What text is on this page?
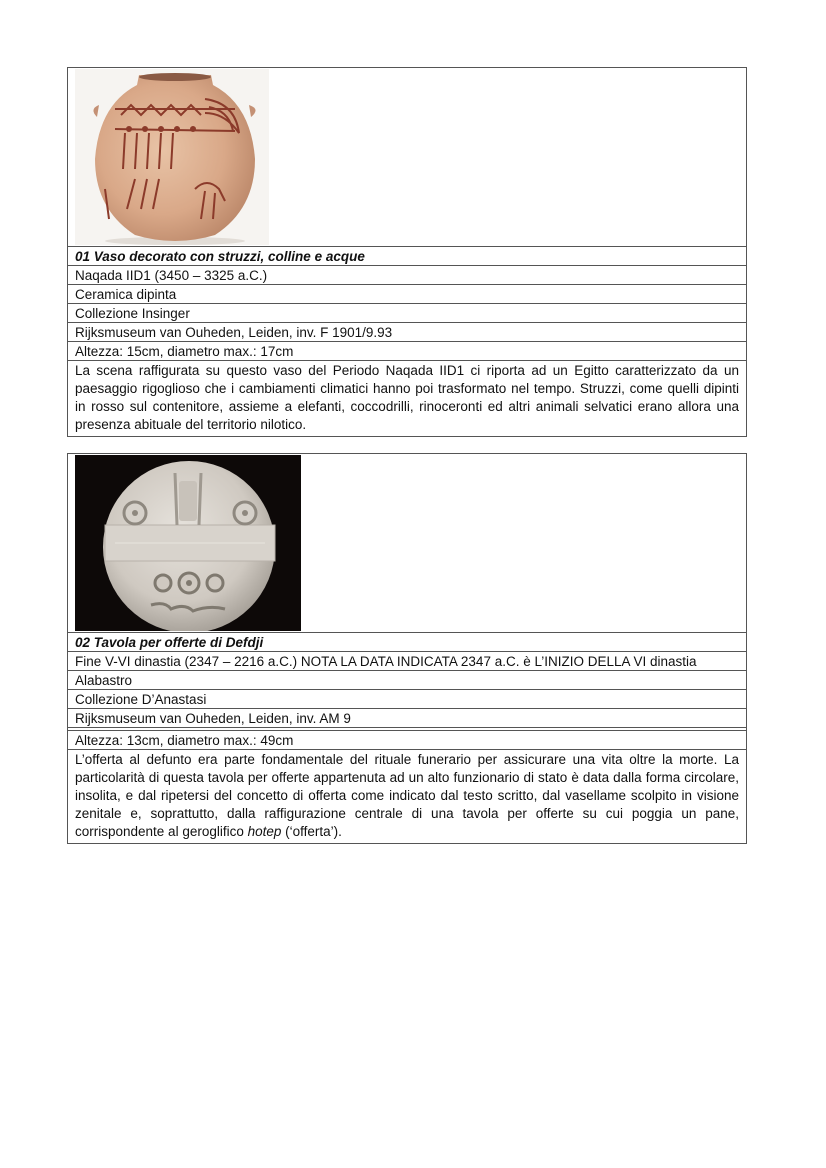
01 Vaso decorato con struzzi, colline e acque
Naqada IID1 (3450 – 3325 a.C.)
Ceramica dipinta
Collezione Insinger
Rijksmuseum van Ouheden, Leiden, inv. F 1901/9.93
Altezza: 15cm, diametro max.: 17cm
La scena raffigurata su questo vaso del Periodo Naqada IID1 ci riporta ad un Egitto caratterizzato da un paesaggio rigoglioso che i cambiamenti climatici hanno poi trasformato nel tempo. Struzzi, come quelli dipinti in rosso sul contenitore, assieme a elefanti, coccodrilli, rinoceronti ed altri animali selvatici erano allora una presenza abituale del territorio nilotico.
02 Tavola per offerte di Defdji
Fine V-VI dinastia (2347 – 2216 a.C.) NOTA LA DATA INDICATA 2347 a.C. è L’INIZIO DELLA VI dinastia
Alabastro
Collezione D’Anastasi
Rijksmuseum van Ouheden, Leiden, inv. AM 9
Altezza: 13cm, diametro max.: 49cm
L’offerta al defunto era parte fondamentale del rituale funerario per assicurare una vita oltre la morte. La particolarità di questa tavola per offerte appartenuta ad un alto funzionario di stato è data dalla forma circolare, insolita, e dal ripetersi del concetto di offerta come indicato dal testo scritto, dal vasellame scolpito in visione zenitale e, soprattutto, dalla raffigurazione centrale di una tavola per offerte su cui poggia un pane, corrispondente al geroglifico hotep (‘offerta’).
